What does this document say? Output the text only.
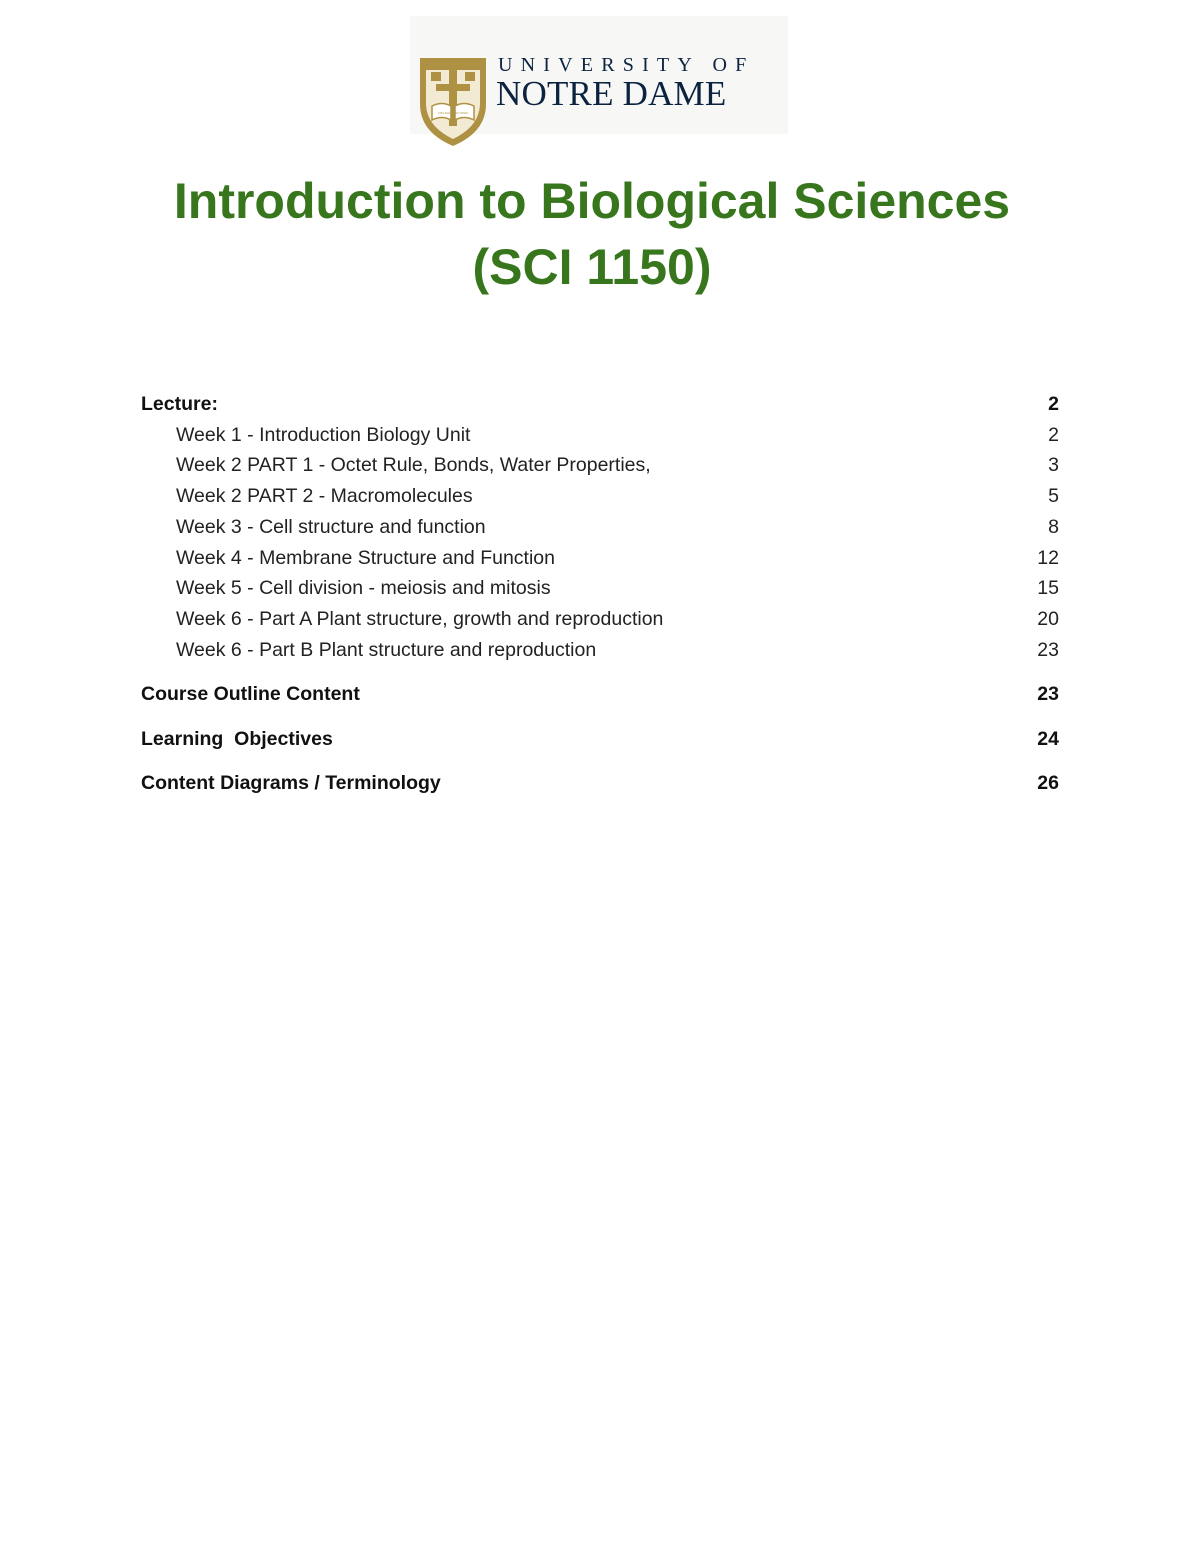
VITA DULCEDO SPES
UNIVERSITY OF
NOTRE DAME
Introduction to Biological Sciences
(SCI 1150)
Lecture:	2
Week 1 - Introduction Biology Unit	2
Week 2 PART 1 - Octet Rule, Bonds, Water Properties,	3
Week 2 PART 2 - Macromolecules	5
Week 3 - Cell structure and function	8
Week 4 - Membrane Structure and Function	12
Week 5 - Cell division - meiosis and mitosis	15
Week 6 - Part A Plant structure, growth and reproduction	20
Week 6 - Part B Plant structure and reproduction	23
Course Outline Content	23
Learning  Objectives	24
Content Diagrams / Terminology	26
